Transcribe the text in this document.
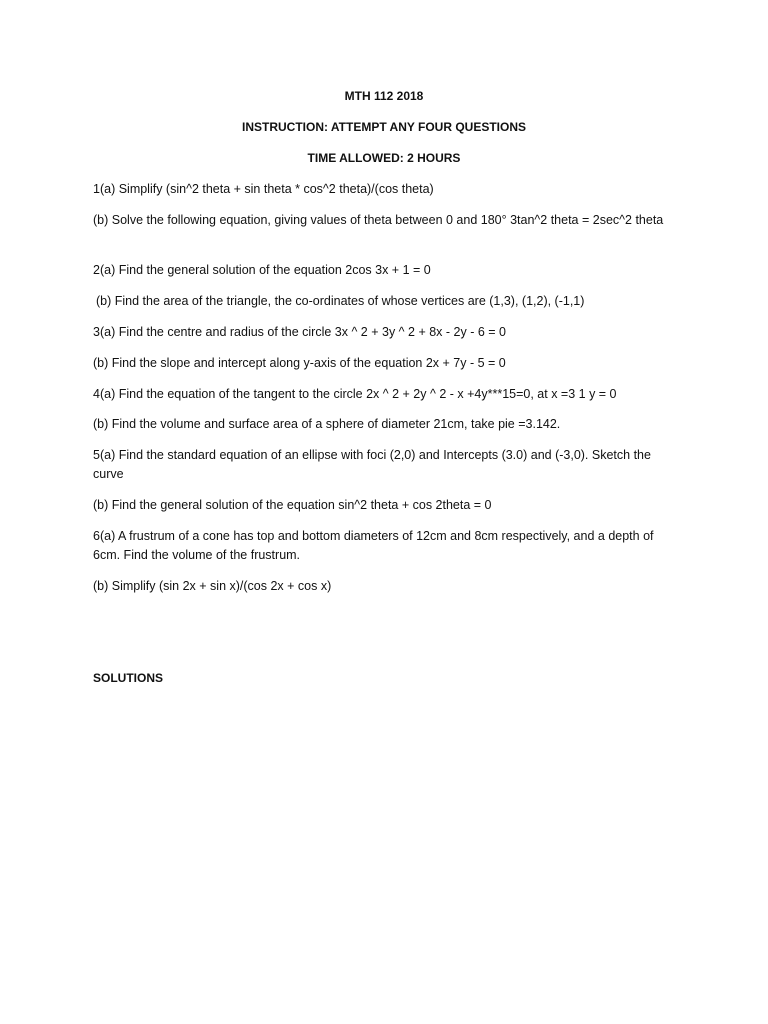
MTH 112 2018
INSTRUCTION: ATTEMPT ANY FOUR QUESTIONS
TIME ALLOWED: 2 HOURS
1(a) Simplify (sin^2 theta + sin theta * cos^2 theta)/(cos theta)
(b) Solve the following equation, giving values of theta between 0 and 180° 3tan^2 theta = 2sec^2 theta
2(a) Find the general solution of the equation 2cos 3x + 1 = 0
(b) Find the area of the triangle, the co-ordinates of whose vertices are (1,3), (1,2), (-1,1)
3(a) Find the centre and radius of the circle 3x ^ 2 + 3y ^ 2 + 8x - 2y - 6 = 0
(b) Find the slope and intercept along y-axis of the equation 2x + 7y - 5 = 0
4(a) Find the equation of the tangent to the circle 2x ^ 2 + 2y ^ 2 - x +4y***15=0, at x =3 1 y = 0
(b) Find the volume and surface area of a sphere of diameter 21cm, take pie =3.142.
5(a) Find the standard equation of an ellipse with foci (2,0) and Intercepts (3.0) and (-3,0). Sketch the curve
(b) Find the general solution of the equation sin^2 theta + cos 2theta = 0
6(a) A frustrum of a cone has top and bottom diameters of 12cm and 8cm respectively, and a depth of 6cm. Find the volume of the frustrum.
(b) Simplify (sin 2x + sin x)/(cos 2x + cos x)
SOLUTIONS
